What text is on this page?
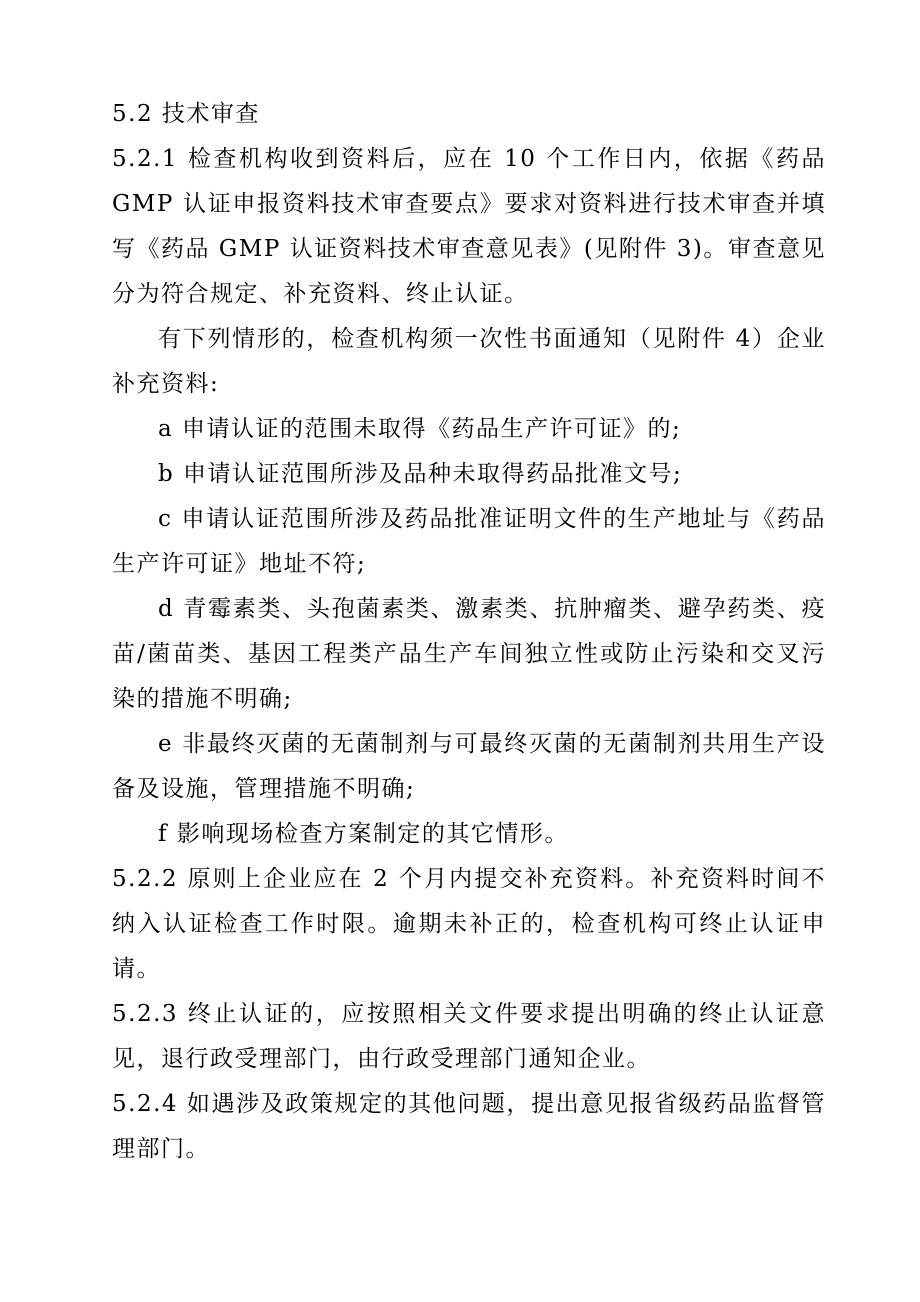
5.2 技术审查

5.2.1 检查机构收到资料后，应在 10 个工作日内，依据《药品 GMP 认证申报资料技术审查要点》要求对资料进行技术审查并填写《药品 GMP 认证资料技术审查意见表》(见附件 3)。审查意见分为符合规定、补充资料、终止认证。

有下列情形的，检查机构须一次性书面通知（见附件 4）企业补充资料:

a 申请认证的范围未取得《药品生产许可证》的;

b 申请认证范围所涉及品种未取得药品批准文号;

c 申请认证范围所涉及药品批准证明文件的生产地址与《药品生产许可证》地址不符;

d 青霉素类、头孢菌素类、激素类、抗肿瘤类、避孕药类、疫苗/菌苗类、基因工程类产品生产车间独立性或防止污染和交叉污染的措施不明确;

e 非最终灭菌的无菌制剂与可最终灭菌的无菌制剂共用生产设备及设施，管理措施不明确;

f 影响现场检查方案制定的其它情形。

5.2.2 原则上企业应在 2 个月内提交补充资料。补充资料时间不纳入认证检查工作时限。逾期未补正的，检查机构可终止认证申请。

5.2.3 终止认证的，应按照相关文件要求提出明确的终止认证意见，退行政受理部门，由行政受理部门通知企业。

5.2.4 如遇涉及政策规定的其他问题，提出意见报省级药品监督管理部门。
